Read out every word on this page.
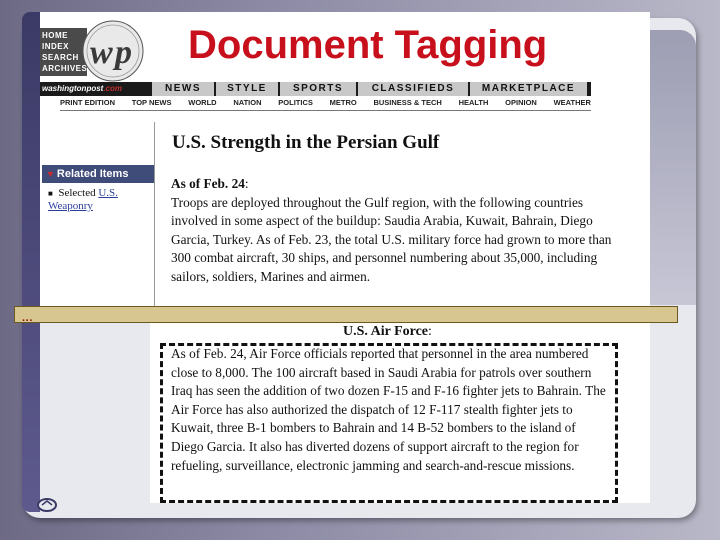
HOME
INDEX
SEARCH
ARCHIVES w p
washingtonpost.com	NEWS	STYLE	SPORTS	CLASSIFIEDS	MARKETPLACE
PRINT EDITION TOP NEWS WORLD NATION POLITICS METRO BUSINESS & TECH HEALTH OPINION WEATHER
▼ Related Items
■ Selected U.S.
Weaponry
U.S. Strength in the Persian Gulf
As of Feb. 24:
Troops are deployed throughout the Gulf region, with the following countries involved in some aspect of the buildup: Saudia Arabia, Kuwait, Bahrain, Diego Garcia, Turkey. As of Feb. 23, the total U.S. military force had grown to more than 300 combat aircraft, 30 ships, and personnel numbering about 35,000, including sailors, soldiers, Marines and airmen.
Document Tagging
···
U.S. Air Force:
As of Feb. 24, Air Force officials reported that personnel in the area numbered close to 8,000. The 100 aircraft based in Saudi Arabia for patrols over southern Iraq has seen the addition of two dozen F-15 and F-16 fighter jets to Bahrain. The Air Force has also authorized the dispatch of 12 F-117 stealth fighter jets to Kuwait, three B-1 bombers to Bahrain and 14 B-52 bombers to the island of Diego Garcia. It also has diverted dozens of support aircraft to the region for refueling, surveillance, electronic jamming and search-and-rescue missions.
